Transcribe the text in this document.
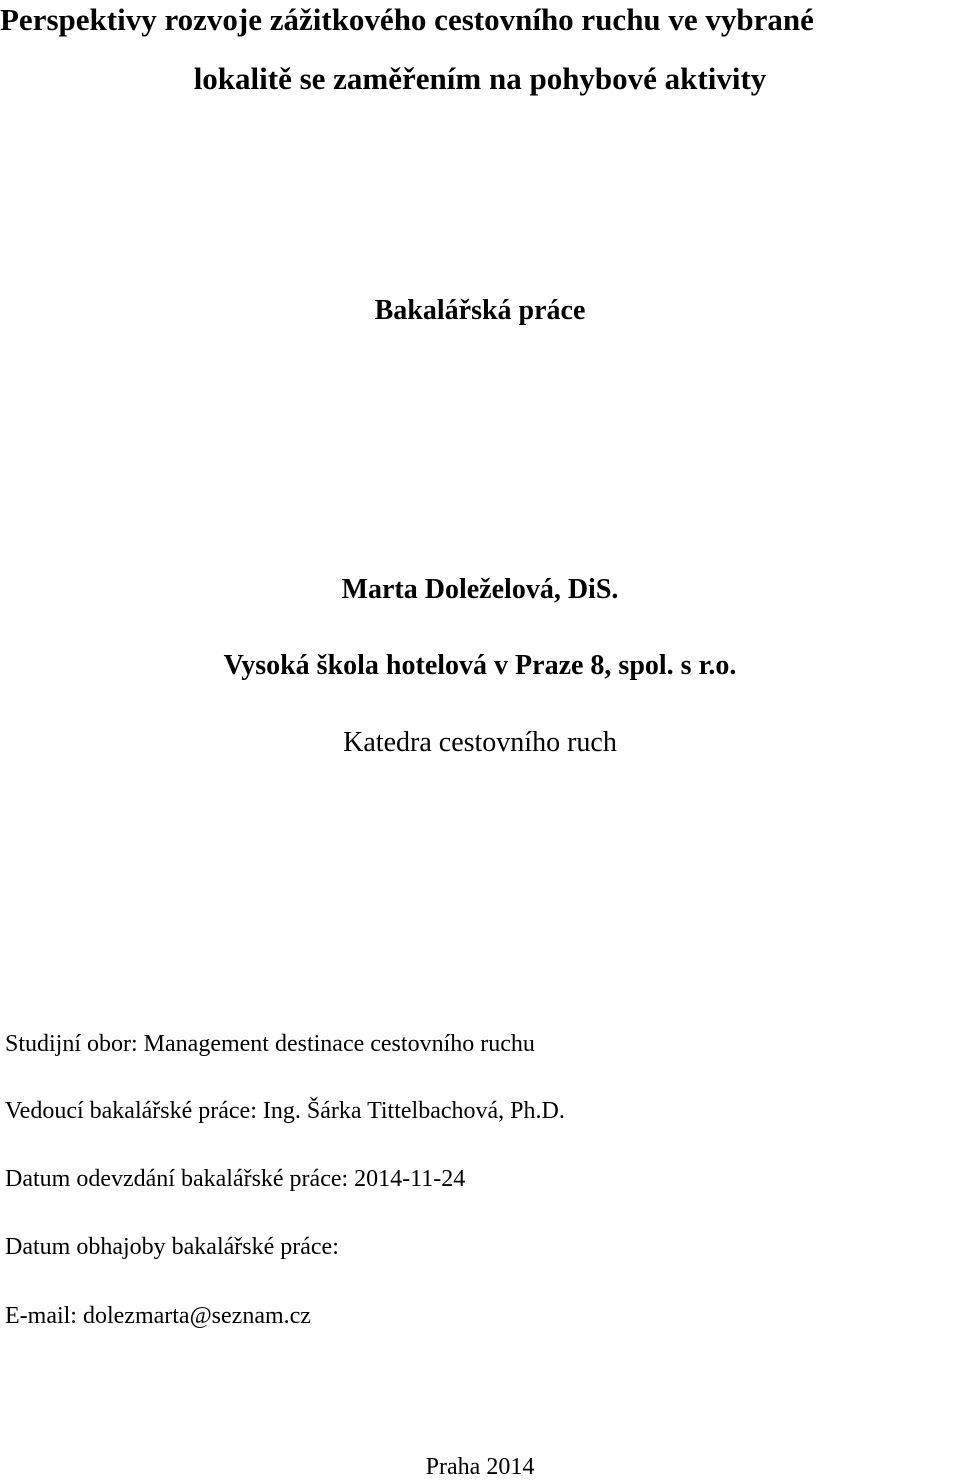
Perspektivy rozvoje zážitkového cestovního ruchu ve vybrané
lokalitě se zaměřením na pohybové aktivity

Bakalářská práce

Marta Doleželová, DiS.

Vysoká škola hotelová v Praze 8, spol. s r.o.

Katedra cestovního ruch

Studijní obor: Management destinace cestovního ruchu

Vedoucí bakalářské práce: Ing. Šárka Tittelbachová, Ph.D.

Datum odevzdání bakalářské práce: 2014-11-24

Datum obhajoby bakalářské práce:

E-mail: dolezmarta@seznam.cz

Praha 2014
